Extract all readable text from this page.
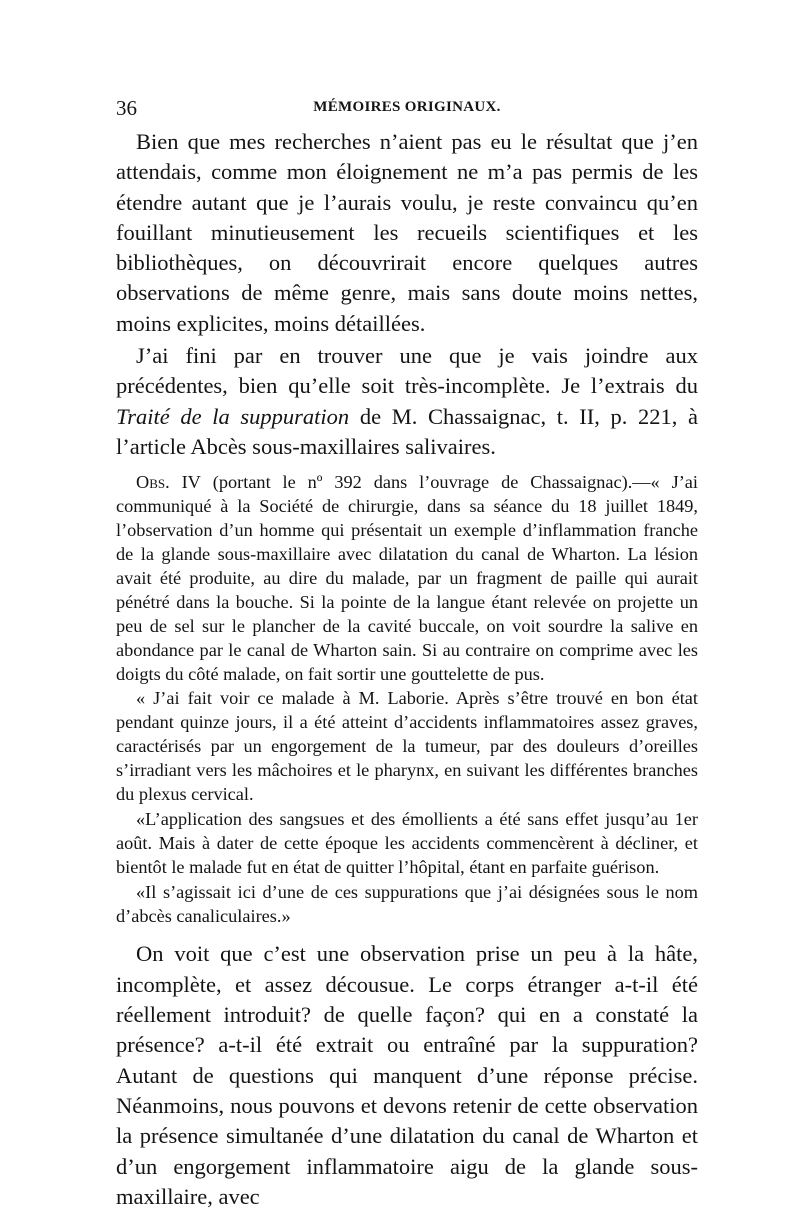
36	MÉMOIRES ORIGINAUX.

Bien que mes recherches n’aient pas eu le résultat que j’en attendais, comme mon éloignement ne m’a pas permis de les étendre autant que je l’aurais voulu, je reste convaincu qu’en fouillant minutieusement les recueils scientifiques et les bibliothèques, on découvrirait encore quelques autres observations de même genre, mais sans doute moins nettes, moins explicites, moins détaillées.

J’ai fini par en trouver une que je vais joindre aux précédentes, bien qu’elle soit très-incomplète. Je l’extrais du Traité de la suppuration de M. Chassaignac, t. II, p. 221, à l’article Abcès sous-maxillaires salivaires.

Obs. IV (portant le nº 392 dans l’ouvrage de Chassaignac).—« J’ai communiqué à la Société de chirurgie, dans sa séance du 18 juillet 1849, l’observation d’un homme qui présentait un exemple d’inflammation franche de la glande sous-maxillaire avec dilatation du canal de Wharton. La lésion avait été produite, au dire du malade, par un fragment de paille qui aurait pénétré dans la bouche. Si la pointe de la langue étant relevée on projette un peu de sel sur le plancher de la cavité buccale, on voit sourdre la salive en abondance par le canal de Wharton sain. Si au contraire on comprime avec les doigts du côté malade, on fait sortir une gouttelette de pus.

« J’ai fait voir ce malade à M. Laborie. Après s’être trouvé en bon état pendant quinze jours, il a été atteint d’accidents inflammatoires assez graves, caractérisés par un engorgement de la tumeur, par des douleurs d’oreilles s’irradiant vers les mâchoires et le pharynx, en suivant les différentes branches du plexus cervical.

«L’application des sangsues et des émollients a été sans effet jusqu’au 1er août. Mais à dater de cette époque les accidents commencèrent à décliner, et bientôt le malade fut en état de quitter l’hôpital, étant en parfaite guérison.

«Il s’agissait ici d’une de ces suppurations que j’ai désignées sous le nom d’abcès canaliculaires.»

On voit que c’est une observation prise un peu à la hâte, incomplète, et assez décousue. Le corps étranger a-t-il été réellement introduit? de quelle façon? qui en a constaté la présence? a-t-il été extrait ou entraîné par la suppuration? Autant de questions qui manquent d’une réponse précise. Néanmoins, nous pouvons et devons retenir de cette observation la présence simultanée d’une dilatation du canal de Wharton et d’un engorgement inflammatoire aigu de la glande sous-maxillaire, avec
